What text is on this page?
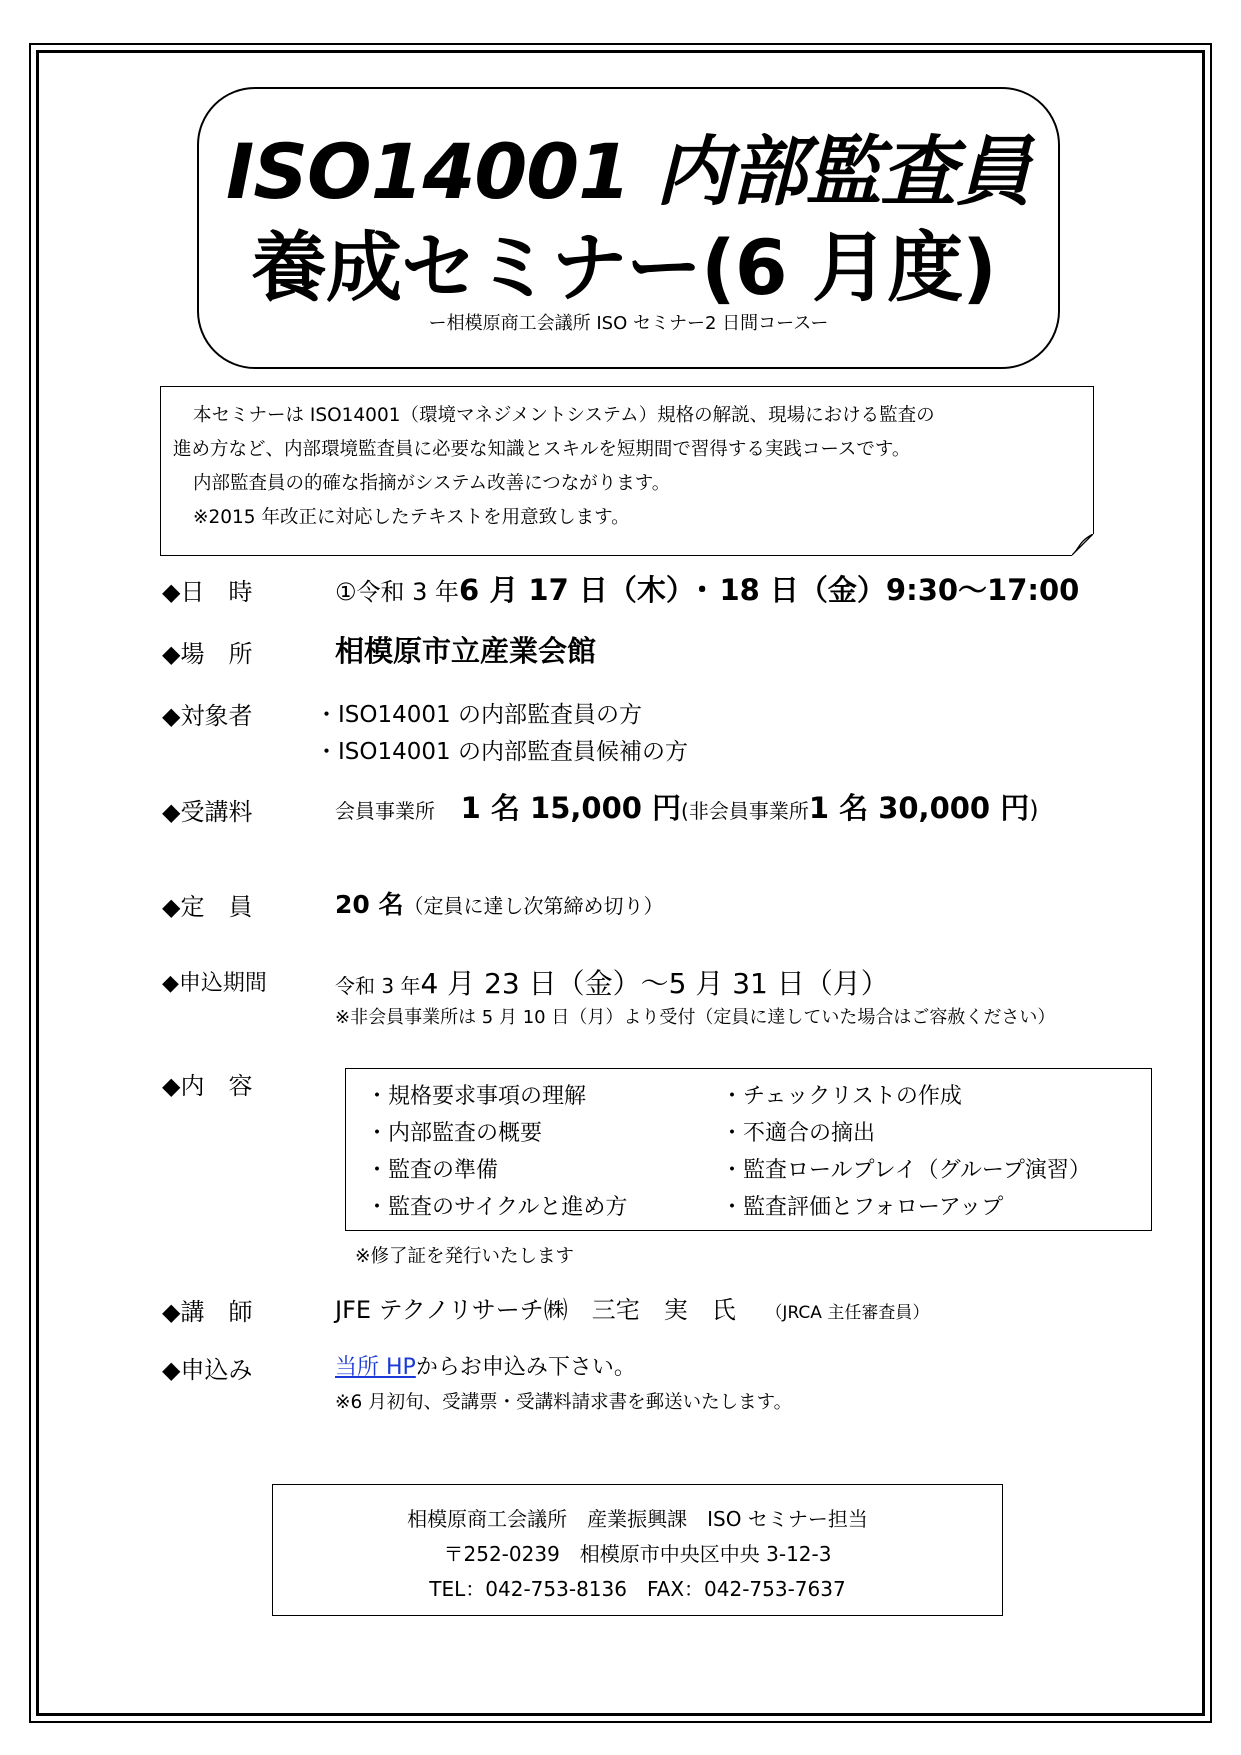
ISO14001 内部監査員
養成セミナー(6 月度)
ー相模原商工会議所 ISO セミナー2 日間コースー
本セミナーは ISO14001（環境マネジメントシステム）規格の解説、現場における監査の
進め方など、内部環境監査員に必要な知識とスキルを短期間で習得する実践コースです。
内部監査員の的確な指摘がシステム改善につながります。
※2015 年改正に対応したテキストを用意致します。
◆日　時	①令和 3 年6 月 17 日（木）･ 18 日（金）9:30～17:00
◆場　所	相模原市立産業会館
◆対象者	・ISO14001 の内部監査員の方
・ISO14001 の内部監査員候補の方
◆受講料	会員事業所 1 名 15,000 円(非会員事業所1 名 30,000 円)
◆定　員	20 名（定員に達し次第締め切り）
◆申込期間	令和 3 年4 月 23 日（金）～5 月 31 日（月）
※非会員事業所は 5 月 10 日（月）より受付（定員に達していた場合はご容赦ください）
◆内　容	・規格要求事項の理解
・内部監査の概要
・監査の準備
・監査のサイクルと進め方
・チェックリストの作成
・不適合の摘出
・監査ロールプレイ（グループ演習）
・監査評価とフォローアップ
※修了証を発行いたします
◆講　師	JFE テクノリサーチ㈱　三宅　実　氏 （JRCA 主任審査員）
◆申込み	当所 HPからお申込み下さい。
※6 月初旬、受講票・受講料請求書を郵送いたします。
相模原商工会議所　産業振興課　ISO セミナー担当
〒252-0239　相模原市中央区中央 3-12-3
TEL：042-753-8136　FAX：042-753-7637
